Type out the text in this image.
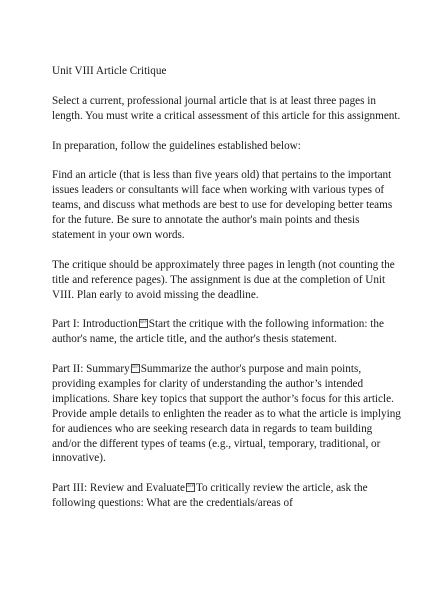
Unit VIII Article Critique

Select a current, professional journal article that is at least three pages in length. You must write a critical assessment of this article for this assignment.

In preparation, follow the guidelines established below:

Find an article (that is less than five years old) that pertains to the important issues leaders or consultants will face when working with various types of teams, and discuss what methods are best to use for developing better teams for the future. Be sure to annotate the author's main points and thesis statement in your own words.

The critique should be approximately three pages in length (not counting the title and reference pages). The assignment is due at the completion of Unit VIII. Plan early to avoid missing the deadline.

Part I: Introduction SEP Start the critique with the following information: the author's name, the article title, and the author's thesis statement.

Part II: Summary SEP Summarize the author's purpose and main points, providing examples for clarity of understanding the author’s intended implications. Share key topics that support the author’s focus for this article. Provide ample details to enlighten the reader as to what the article is implying for audiences who are seeking research data in regards to team building and/or the different types of teams (e.g., virtual, temporary, traditional, or innovative).

Part III: Review and Evaluate SEP To critically review the article, ask the following questions: What are the credentials/areas of
